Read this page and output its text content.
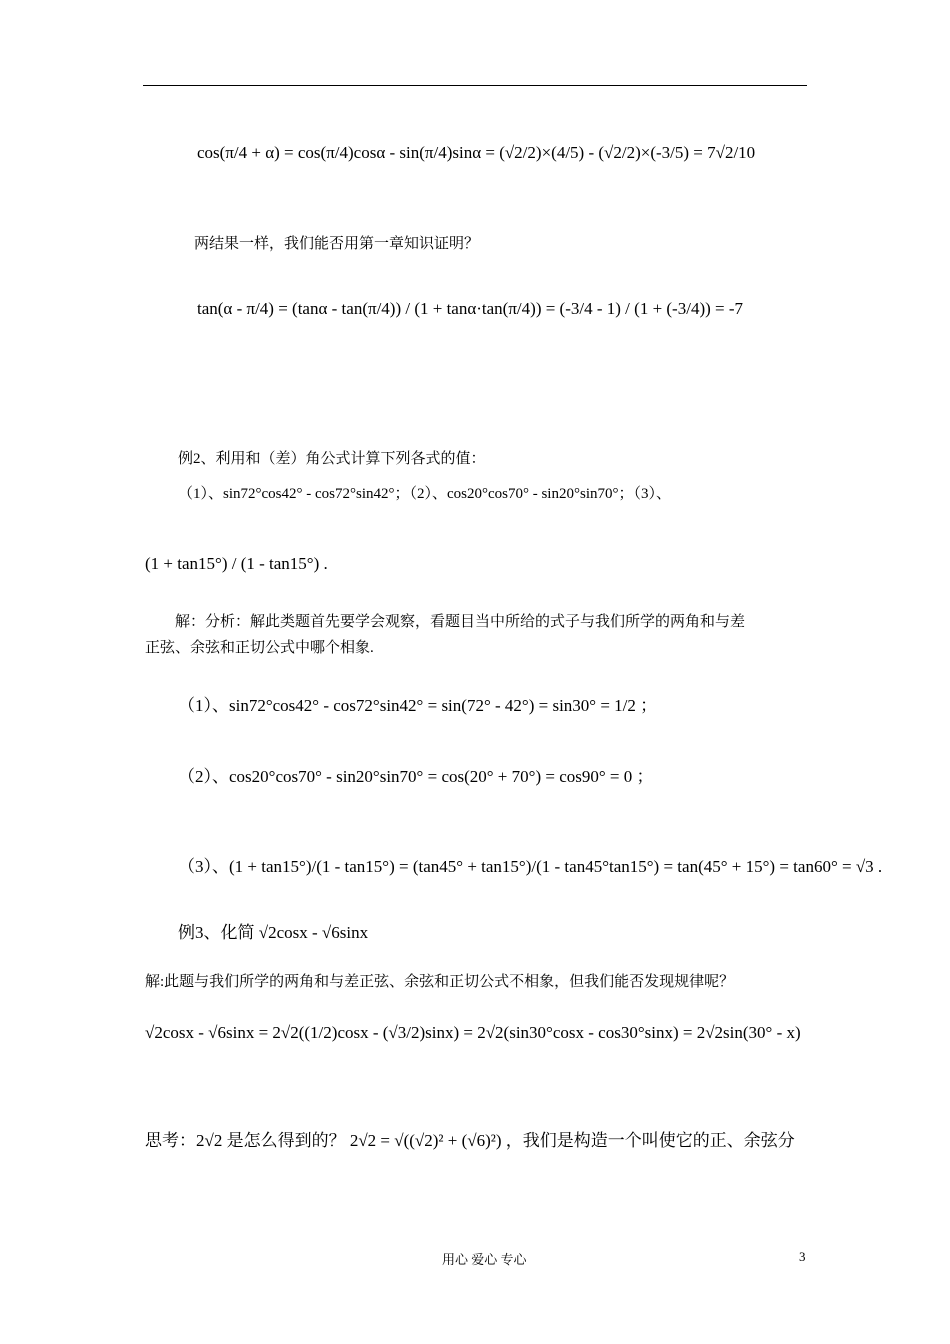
cos(π/4 + α) = cos(π/4)cosα - sin(π/4)sinα = (√2/2)×(4/5) - (√2/2)×(-3/5) = 7√2/10
两结果一样，我们能否用第一章知识证明？
tan(α - π/4) = (tanα - tan(π/4)) / (1 + tanα·tan(π/4)) = (-3/4 - 1) / (1 + (-3/4)) = -7
例2、利用和（差）角公式计算下列各式的值：
（1）、sin72°cos42° - cos72°sin42°；（2）、cos20°cos70° - sin20°sin70°；（3）、
(1 + tan15°) / (1 - tan15°) .
解：分析：解此类题首先要学会观察，看题目当中所给的式子与我们所学的两角和与差
正弦、余弦和正切公式中哪个相象.
（1）、sin72°cos42° - cos72°sin42° = sin(72° - 42°) = sin30° = 1/2 ；
（2）、cos20°cos70° - sin20°sin70° = cos(20° + 70°) = cos90° = 0 ；
（3）、(1 + tan15°)/(1 - tan15°) = (tan45° + tan15°)/(1 - tan45°tan15°) = tan(45° + 15°) = tan60° = √3 .
例3、化简 √2cosx - √6sinx
解:此题与我们所学的两角和与差正弦、余弦和正切公式不相象，但我们能否发现规律呢？
√2cosx - √6sinx = 2√2((1/2)cosx - (√3/2)sinx) = 2√2(sin30°cosx - cos30°sinx) = 2√2sin(30° - x)
思考：2√2 是怎么得到的？ 2√2 = √((√2)² + (√6)²) ，我们是构造一个叫使它的正、余弦分
用心 爱心 专心	3
